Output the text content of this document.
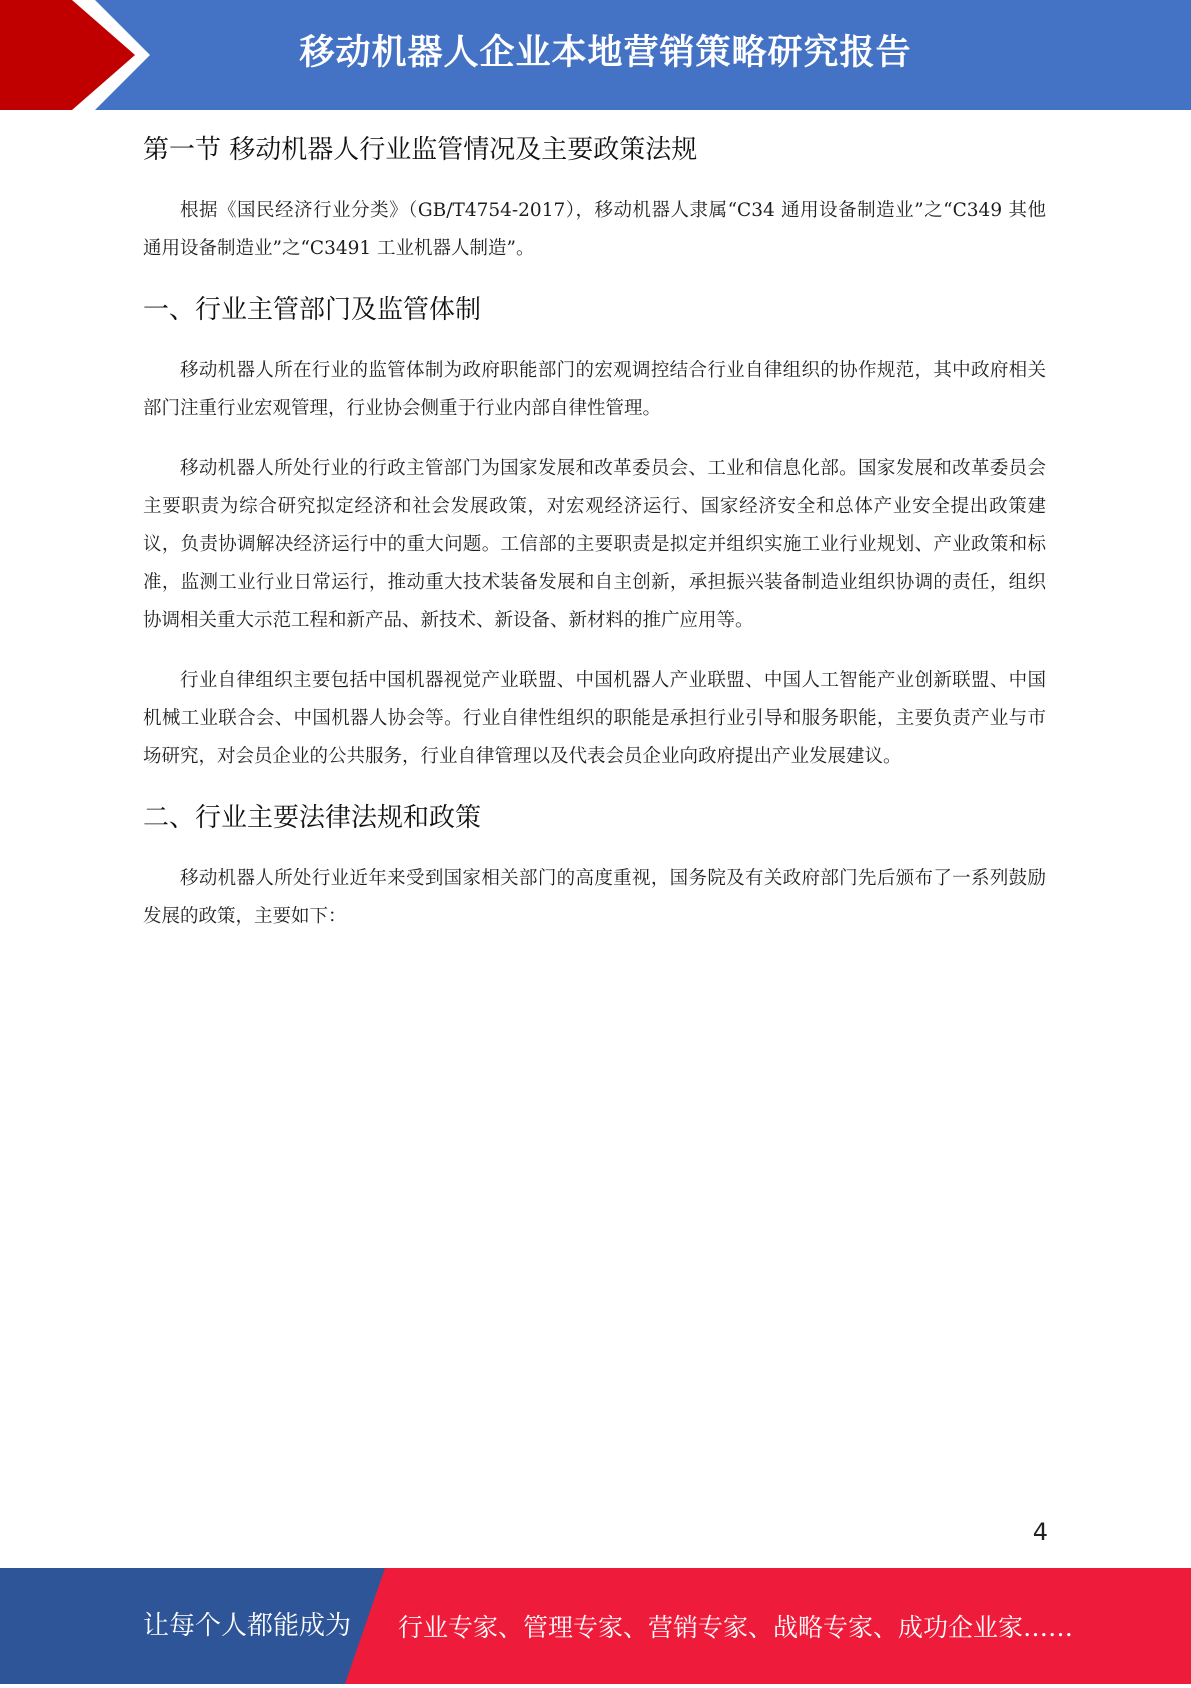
移动机器人企业本地营销策略研究报告
第一节 移动机器人行业监管情况及主要政策法规

根据《国民经济行业分类》（GB/T4754-2017），移动机器人隶属“C34 通用设备制造业”之“C349 其他通用设备制造业”之“C3491 工业机器人制造”。

一、行业主管部门及监管体制

移动机器人所在行业的监管体制为政府职能部门的宏观调控结合行业自律组织的协作规范，其中政府相关部门注重行业宏观管理，行业协会侧重于行业内部自律性管理。

移动机器人所处行业的行政主管部门为国家发展和改革委员会、工业和信息化部。国家发展和改革委员会主要职责为综合研究拟定经济和社会发展政策，对宏观经济运行、国家经济安全和总体产业安全提出政策建议，负责协调解决经济运行中的重大问题。工信部的主要职责是拟定并组织实施工业行业规划、产业政策和标准，监测工业行业日常运行，推动重大技术装备发展和自主创新，承担振兴装备制造业组织协调的责任，组织协调相关重大示范工程和新产品、新技术、新设备、新材料的推广应用等。

行业自律组织主要包括中国机器视觉产业联盟、中国机器人产业联盟、中国人工智能产业创新联盟、中国机械工业联合会、中国机器人协会等。行业自律性组织的职能是承担行业引导和服务职能，主要负责产业与市场研究，对会员企业的公共服务，行业自律管理以及代表会员企业向政府提出产业发展建议。

二、行业主要法律法规和政策

移动机器人所处行业近年来受到国家相关部门的高度重视，国务院及有关政府部门先后颁布了一系列鼓励发展的政策，主要如下：

4
让每个人都能成为 行业专家、管理专家、营销专家、战略专家、成功企业家……
